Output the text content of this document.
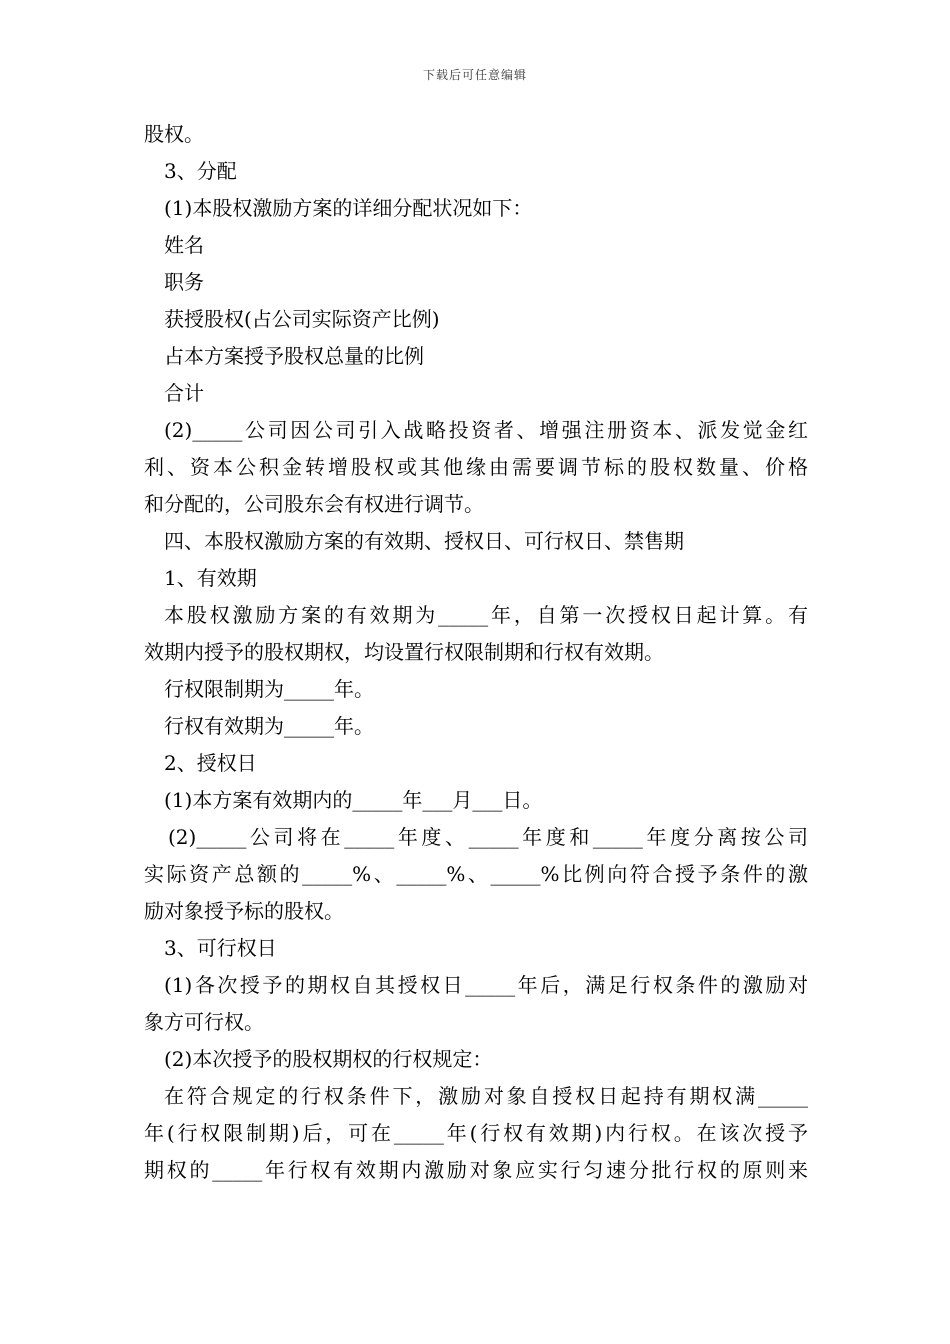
下载后可任意编辑
股权。
3、分配
(1)本股权激励方案的详细分配状况如下：
姓名
职务
获授股权(占公司实际资产比例)
占本方案授予股权总量的比例
合计
(2)_____公司因公司引入战略投资者、增强注册资本、派发觉金红
利、资本公积金转增股权或其他缘由需要调节标的股权数量、价格
和分配的，公司股东会有权进行调节。
四、本股权激励方案的有效期、授权日、可行权日、禁售期
1、有效期
本股权激励方案的有效期为_____年，自第一次授权日起计算。有
效期内授予的股权期权，均设置行权限制期和行权有效期。
行权限制期为_____年。
行权有效期为_____年。
2、授权日
(1)本方案有效期内的_____年___月___日。
(2)_____公司将在_____年度、_____年度和_____年度分离按公司
实际资产总额的_____%、_____%、_____%比例向符合授予条件的激
励对象授予标的股权。
3、可行权日
(1)各次授予的期权自其授权日_____年后，满足行权条件的激励对
象方可行权。
(2)本次授予的股权期权的行权规定：
在符合规定的行权条件下，激励对象自授权日起持有期权满_____
年(行权限制期)后，可在_____年(行权有效期)内行权。在该次授予
期权的_____年行权有效期内激励对象应实行匀速分批行权的原则来
